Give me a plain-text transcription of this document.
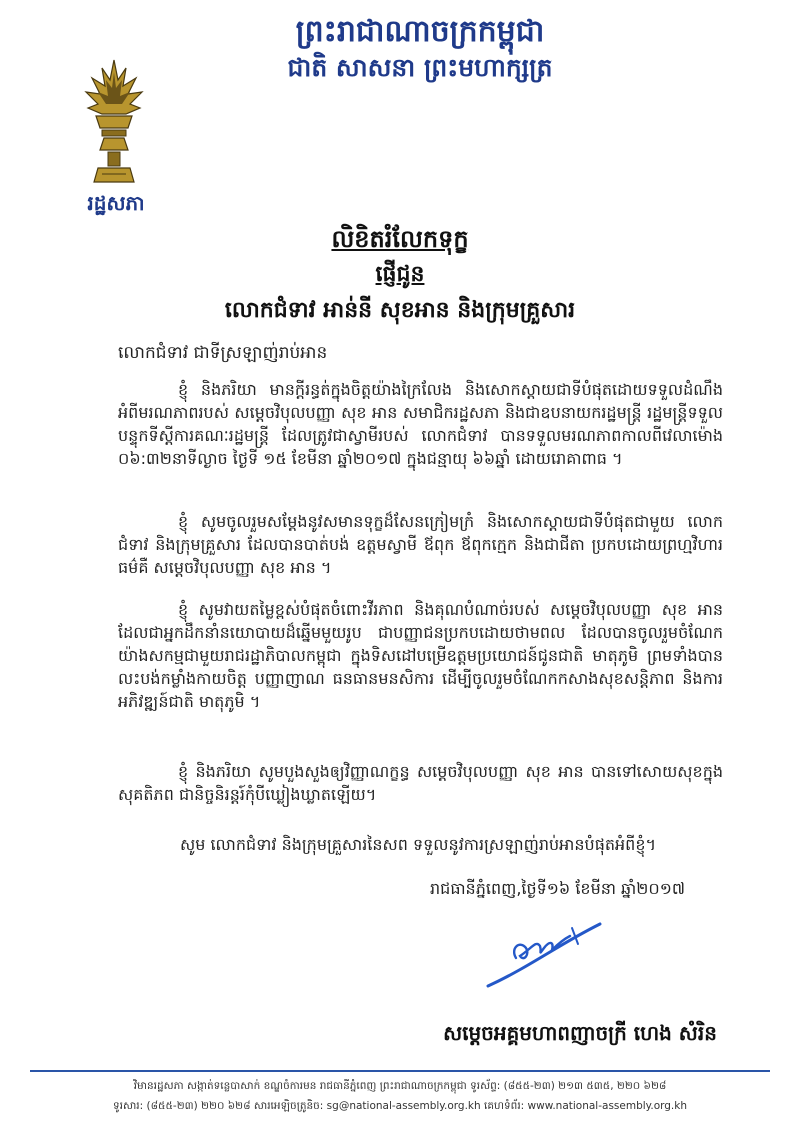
ព្រះរាជាណាចក្រកម្ពុជា
ជាតិ សាសនា ព្រះមហាក្សត្រ
រដ្ឋសភា
លិខិតរំលែកទុក្ខ
ផ្ញើជូន
លោកជំទាវ អាន់នី សុខអាន និងក្រុមគ្រួសារ
លោកជំទាវ ជាទីស្រឡាញ់រាប់អាន
ខ្ញុំ និងភរិយា មានក្ដីរន្ធត់ក្នុងចិត្តយ៉ាងក្រៃលែង និងសោកស្ដាយជាទីបំផុតដោយទទួលដំណឹងអំពីមរណភាពរបស់ សម្តេចវិបុលបញ្ញា សុខ អាន សមាជិករដ្ឋសភា និងជាឧបនាយករដ្ឋមន្ត្រី រដ្ឋមន្ត្រីទទួលបន្ទុកទីស្តីការគណៈរដ្ឋមន្ត្រី ដែលត្រូវជាស្វាមីរបស់ លោកជំទាវ បានទទួលមរណភាពកាលពីវេលាម៉ោង ០៦:៣២នាទីល្ងាច ថ្ងៃទី ១៥ ខែមីនា ឆ្នាំ២០១៧ ក្នុងជន្មាយុ ៦៦ឆ្នាំ ដោយរោគាពាធ ។
ខ្ញុំ សូមចូលរួមសម្តែងនូវសមានទុក្ខដ៏សែនក្រៀមក្រំ និងសោកស្តាយជាទីបំផុតជាមួយ លោកជំទាវ និងក្រុមគ្រួសារ ដែលបានបាត់បង់ ឧត្តមស្វាមី ឪពុក ឪពុកក្មេក និងជាជីតា ប្រកបដោយព្រហ្មវិហារធម៌គឺ សម្តេចវិបុលបញ្ញា សុខ អាន ។
ខ្ញុំ សូមវាយតម្លៃខ្ពស់បំផុតចំពោះវីរភាព និងគុណបំណាច់របស់ សម្តេចវិបុលបញ្ញា សុខ អាន ដែលជាអ្នកដឹកនាំនយោបាយដ៏ឆ្នើមមួយរូប ជាបញ្ញាជនប្រកបដោយថាមពល ដែលបានចូលរួមចំណែកយ៉ាងសកម្មជាមួយរាជរដ្ឋាភិបាលកម្ពុជា ក្នុងទិសដៅបម្រើឧត្តមប្រយោជន៍ជូនជាតិ មាតុភូមិ ព្រមទាំងបានលះបង់កម្លាំងកាយចិត្ត បញ្ញាញាណ ធនធានមនសិការ ដើម្បីចូលរួមចំណែកកសាងសុខសន្តិភាព និងការអភិវឌ្ឍន៍ជាតិ មាតុភូមិ ។
ខ្ញុំ និងភរិយា សូមបួងសួងឲ្យវិញ្ញាណក្ខន្ធ សម្តេចវិបុលបញ្ញា សុខ អាន បានទៅសោយសុខក្នុងសុគតិភព ជានិច្ចនិរន្តរ៍កុំបីឃ្លៀងឃ្លាតឡើយ។
សូម លោកជំទាវ និងក្រុមគ្រួសារនៃសព ទទួលនូវការស្រឡាញ់រាប់អានបំផុតអំពីខ្ញុំ។
រាជធានីភ្នំពេញ,ថ្ងៃទី១៦ ខែមីនា ឆ្នាំ២០១៧
សម្តេចអគ្គមហាពញាចក្រី ហេង សំរិន
វិមានរដ្ឋសភា សង្កាត់ទន្លេបាសាក់ ខណ្ឌចំការមន រាជធានីភ្នំពេញ ព្រះរាជាណាចក្រកម្ពុជា ទូរស័ព្ទ: (៨៥៥-២៣) ២១៣ ៥៣៥, ២២០ ៦២៨
ទូរសារ: (៨៥៥-២៣) ២២០ ៦២៨ សារអេឡិចត្រូនិច: sg@national-assembly.org.kh គេហទំព័រ: www.national-assembly.org.kh
